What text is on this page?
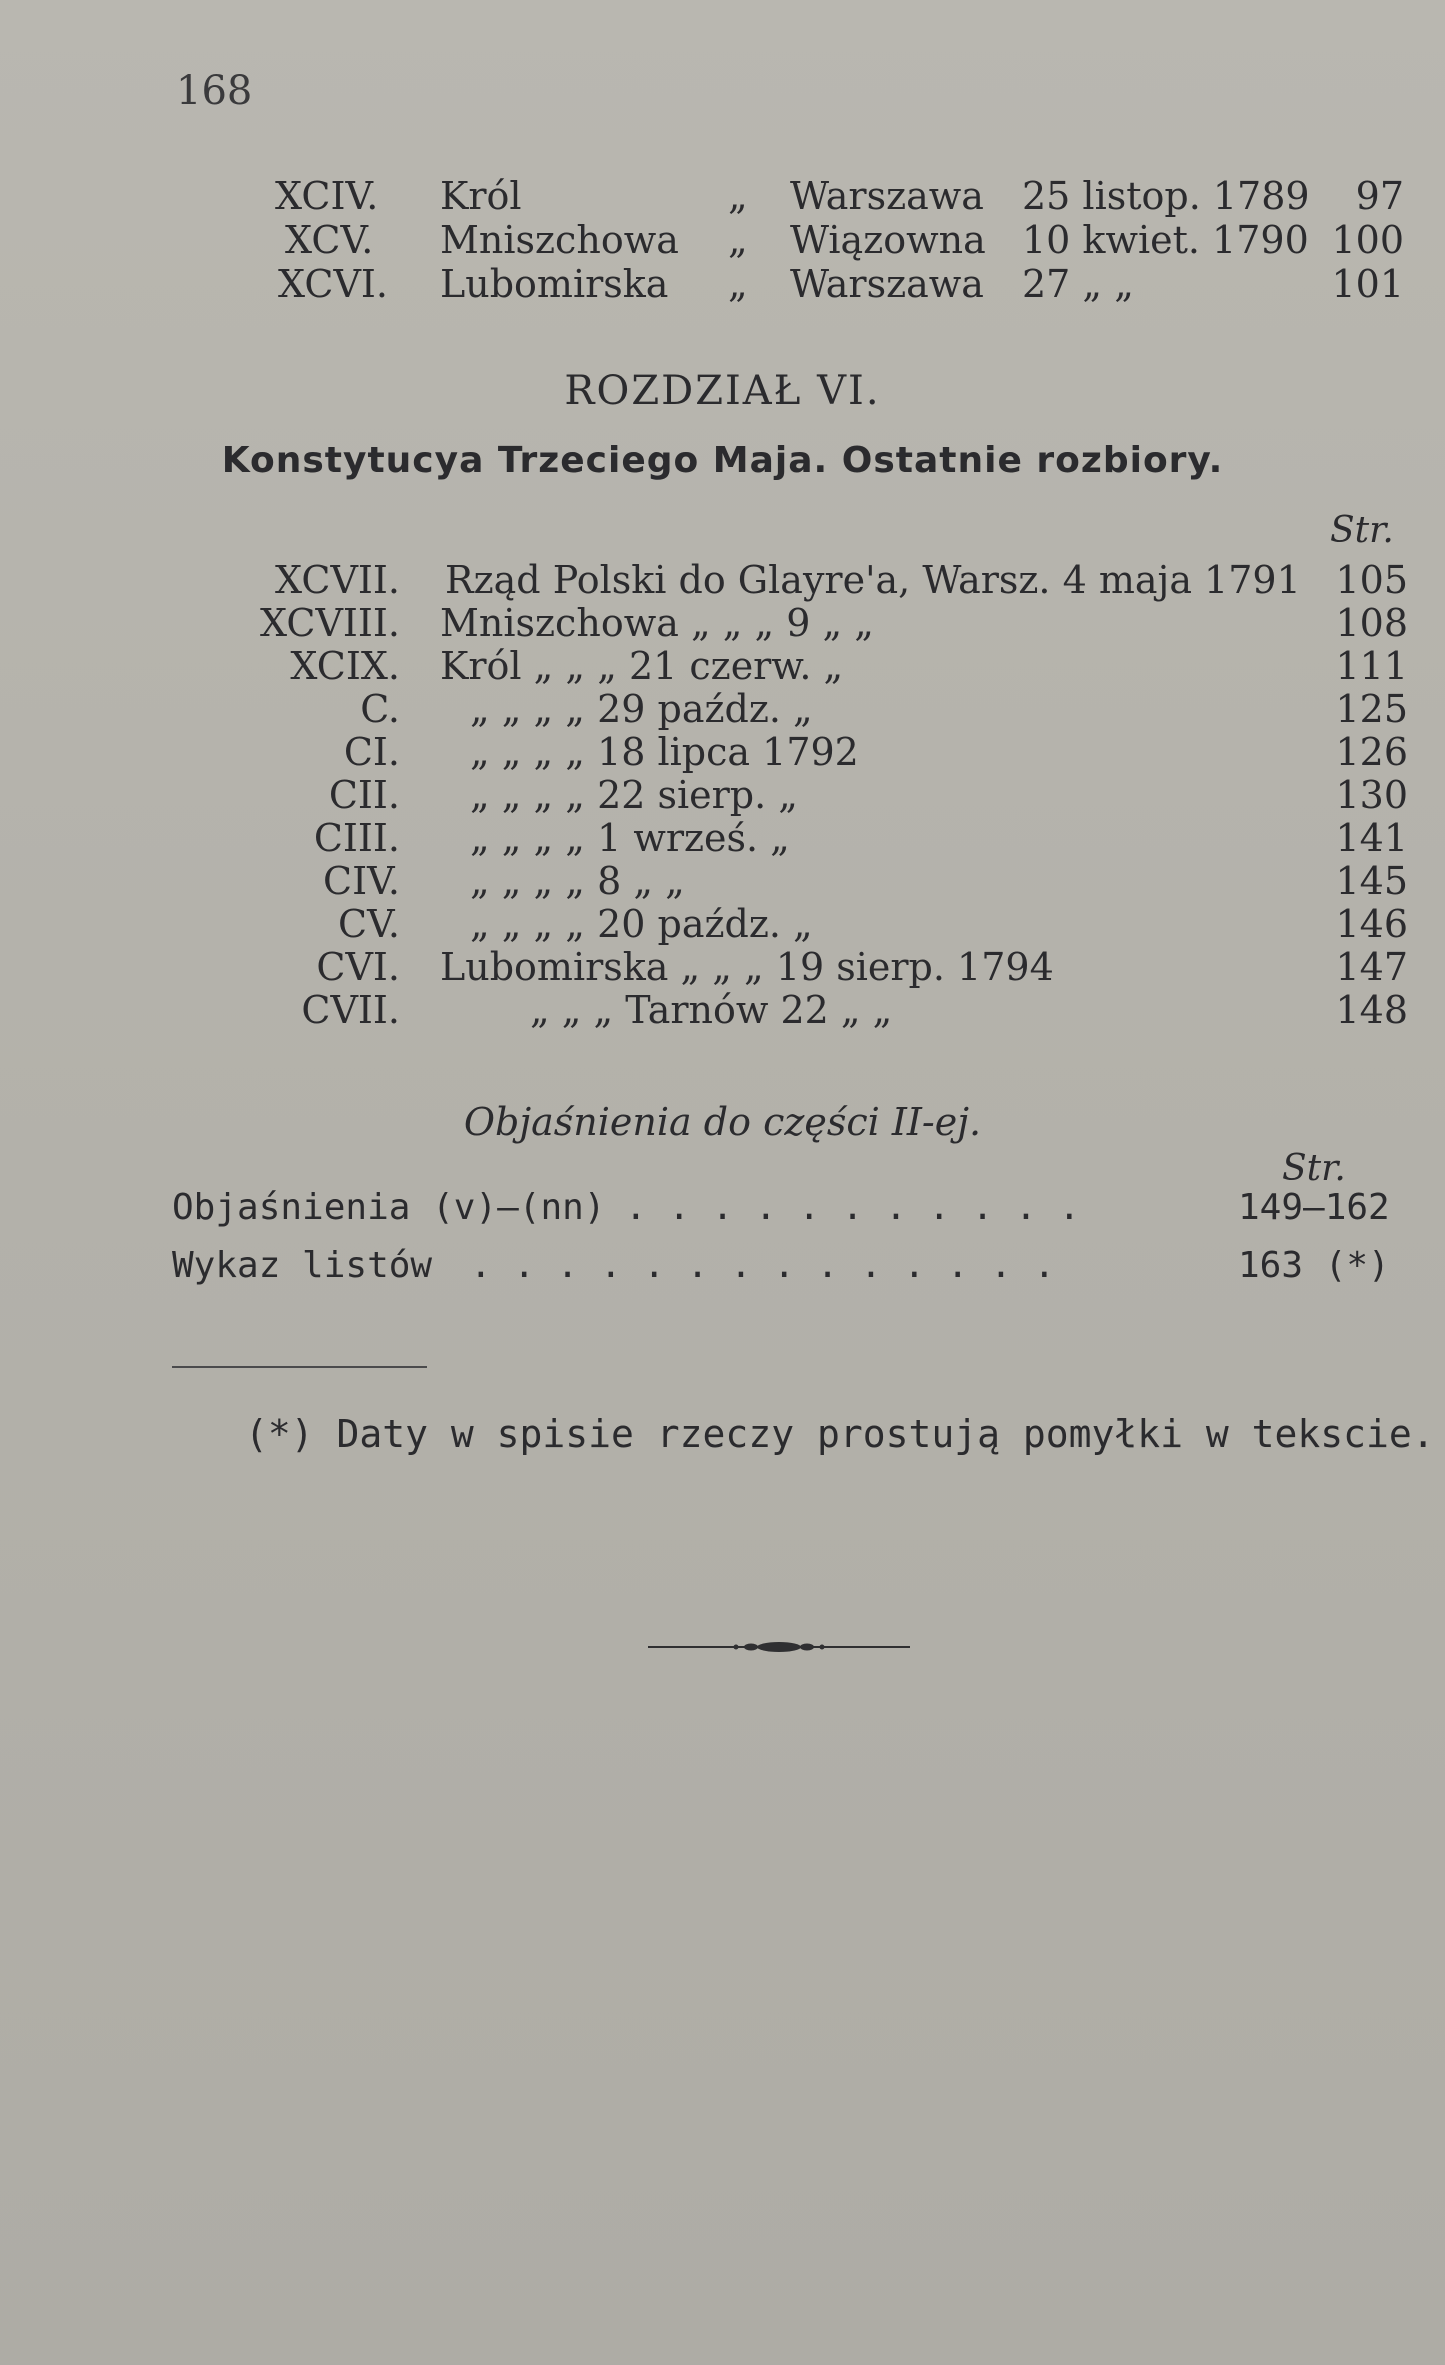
168
XCIV. Król	„ Warszawa 25 listop. 1789	97
XCV. Mniszchowa „ Wiązowna 10 kwiet. 1790 100
XCVI. Lubomirska „ Warszawa 27 „ „	101
ROZDZIAŁ VI.
Konstytucya Trzeciego Maja. Ostatnie rozbiory.
Str.
XCVII. Rząd Polski do Glayre'a, Warsz. 4 maja 1791 105
XCVIII. Mniszchowa „ „ „ 9 „ „	108
XCIX. Król „ „ „ 21 czerw. „	111
C. „ „ „ „ 29 paźdz. „	125
CI. „ „ „ „ 18 lipca 1792	126
CII. „ „ „ „ 22 sierp. „	130
CIII. „ „ „ „ 1 wrześ. „	141
CIV. „ „ „ „ 8 „ „	145
CV. „ „ „ „ 20 paźdz. „	146
CVI. Lubomirska „ „ „ 19 sierp. 1794	147
CVII.	„ „ „ Tarnów 22 „ „	148
Objaśnienia do części II-ej.
Str.
Objaśnienia (v)—(nn) . . . . . . . . . . .	149—162
Wykaz listów . . . . . . . . . . . . . .	163 (*)
(*) Daty w spisie rzeczy prostują pomyłki w tekscie.
